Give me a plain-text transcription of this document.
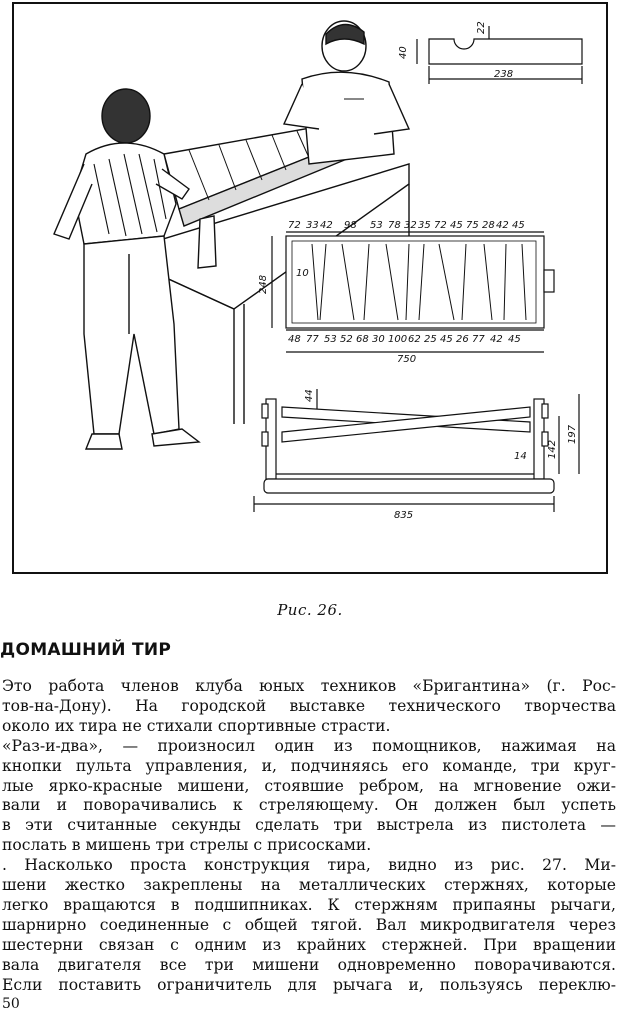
40
22
238
248
10
750
72 33 42 98 53 78 32 35 72 45 75 28 42 45
48 77 53 52 68 30 100 62 25 45 26 77 42 45
44
14 142
197
835
Рис. 26.
ДОМАШНИЙ ТИР
Это работа членов клуба юных техников «Бригантина» (г. Рос-
тов-на-Дону). На городской выставке технического творчества
около их тира не стихали спортивные страсти.
«Раз-и-два», — произносил один из помощников, нажимая на
кнопки пульта управления, и, подчиняясь его команде, три круг-
лые ярко-красные мишени, стоявшие ребром, на мгновение ожи-
вали и поворачивались к стреляющему. Он должен был успеть
в эти считанные секунды сделать три выстрела из пистолета —
послать в мишень три стрелы с присосками.
. Насколько проста конструкция тира, видно из рис. 27. Ми-
шени жестко закреплены на металлических стержнях, которые
легко вращаются в подшипниках. К стержням припаяны рычаги,
шарнирно соединенные с общей тягой. Вал микродвигателя через
шестерни связан с одним из крайних стержней. При вращении
вала двигателя все три мишени одновременно поворачиваются.
Если поставить ограничитель для рычага и, пользуясь переклю-
50
